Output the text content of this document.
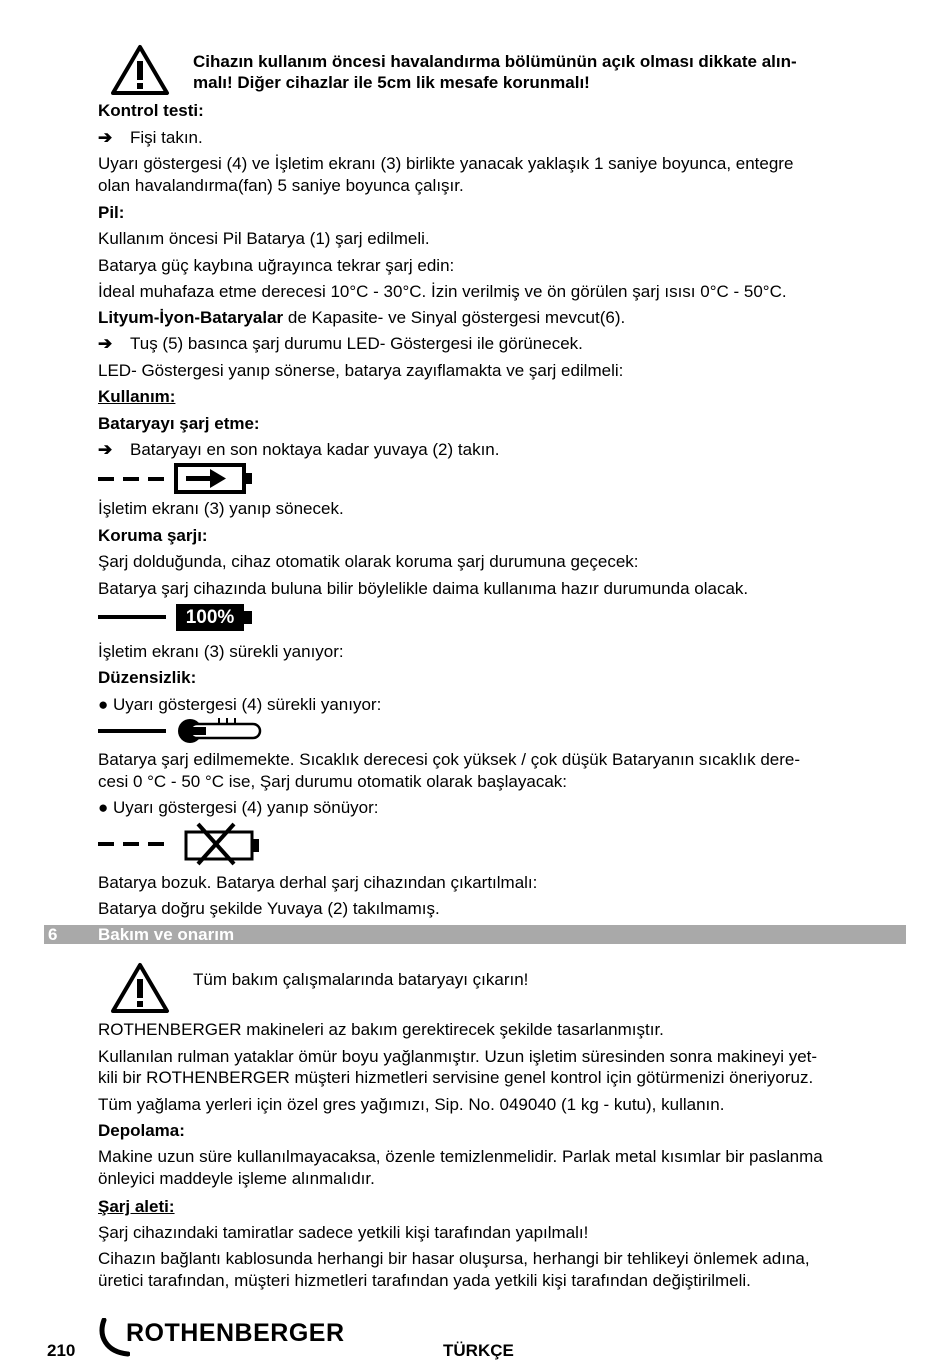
Cihazın kullanım öncesi havalandırma bölümünün açık olması dikkate alın-
malı! Diğer cihazlar ile 5cm lik mesafe korunmalı!
Kontrol testi:
➔ Fişi takın.
Uyarı göstergesi (4) ve İşletim ekranı (3) birlikte yanacak yaklaşık 1 saniye boyunca, entegre
olan havalandırma(fan) 5 saniye boyunca çalışır.
Pil:
Kullanım öncesi Pil Batarya (1) şarj edilmeli.
Batarya güç kaybına uğrayınca tekrar şarj edin:
İdeal muhafaza etme derecesi 10°C - 30°C. İzin verilmiş ve ön görülen şarj ısısı 0°C - 50°C.
Lityum-İyon-Bataryalar de Kapasite- ve Sinyal göstergesi mevcut(6).
➔ Tuş (5) basınca şarj durumu LED- Göstergesi ile görünecek.
LED- Göstergesi yanıp sönerse, batarya zayıflamakta ve şarj edilmeli:
Kullanım:
Bataryayı şarj etme:
➔ Bataryayı en son noktaya kadar yuvaya (2) takın.
İşletim ekranı (3) yanıp sönecek.
Koruma şarjı:
Şarj dolduğunda, cihaz otomatik olarak koruma şarj durumuna geçecek:
Batarya şarj cihazında buluna bilir böylelikle daima kullanıma hazır durumunda olacak.
100%
İşletim ekranı (3) sürekli yanıyor:
Düzensizlik:
● Uyarı göstergesi (4) sürekli yanıyor:
Batarya şarj edilmemekte. Sıcaklık derecesi çok yüksek / çok düşük Bataryanın sıcaklık dere-
cesi 0 °C - 50 °C ise, Şarj durumu otomatik olarak başlayacak:
● Uyarı göstergesi (4) yanıp sönüyor:
Batarya bozuk. Batarya derhal şarj cihazından çıkartılmalı:
Batarya doğru şekilde Yuvaya (2) takılmamış.
6 Bakım ve onarım
Tüm bakım çalışmalarında bataryayı çıkarın!
ROTHENBERGER makineleri az bakım gerektirecek şekilde tasarlanmıştır.
Kullanılan rulman yataklar ömür boyu yağlanmıştır. Uzun işletim süresinden sonra makineyi yet-
kili bir ROTHENBERGER müşteri hizmetleri servisine genel kontrol için götürmenizi öneriyoruz.
Tüm yağlama yerleri için özel gres yağımızı, Sip. No. 049040 (1 kg - kutu), kullanın.
Depolama:
Makine uzun süre kullanılmayacaksa, özenle temizlenmelidir. Parlak metal kısımlar bir paslanma
önleyici maddeyle işleme alınmalıdır.
Şarj aleti:
Şarj cihazındaki tamiratlar sadece yetkili kişi tarafından yapılmalı!
Cihazın bağlantı kablosunda herhangi bir hasar oluşursa, herhangi bir tehlikeyi önlemek adına,
üretici tarafından, müşteri hizmetleri tarafından yada yetkili kişi tarafından değiştirilmeli.
210
ROTHENBERGER
TÜRKÇE
